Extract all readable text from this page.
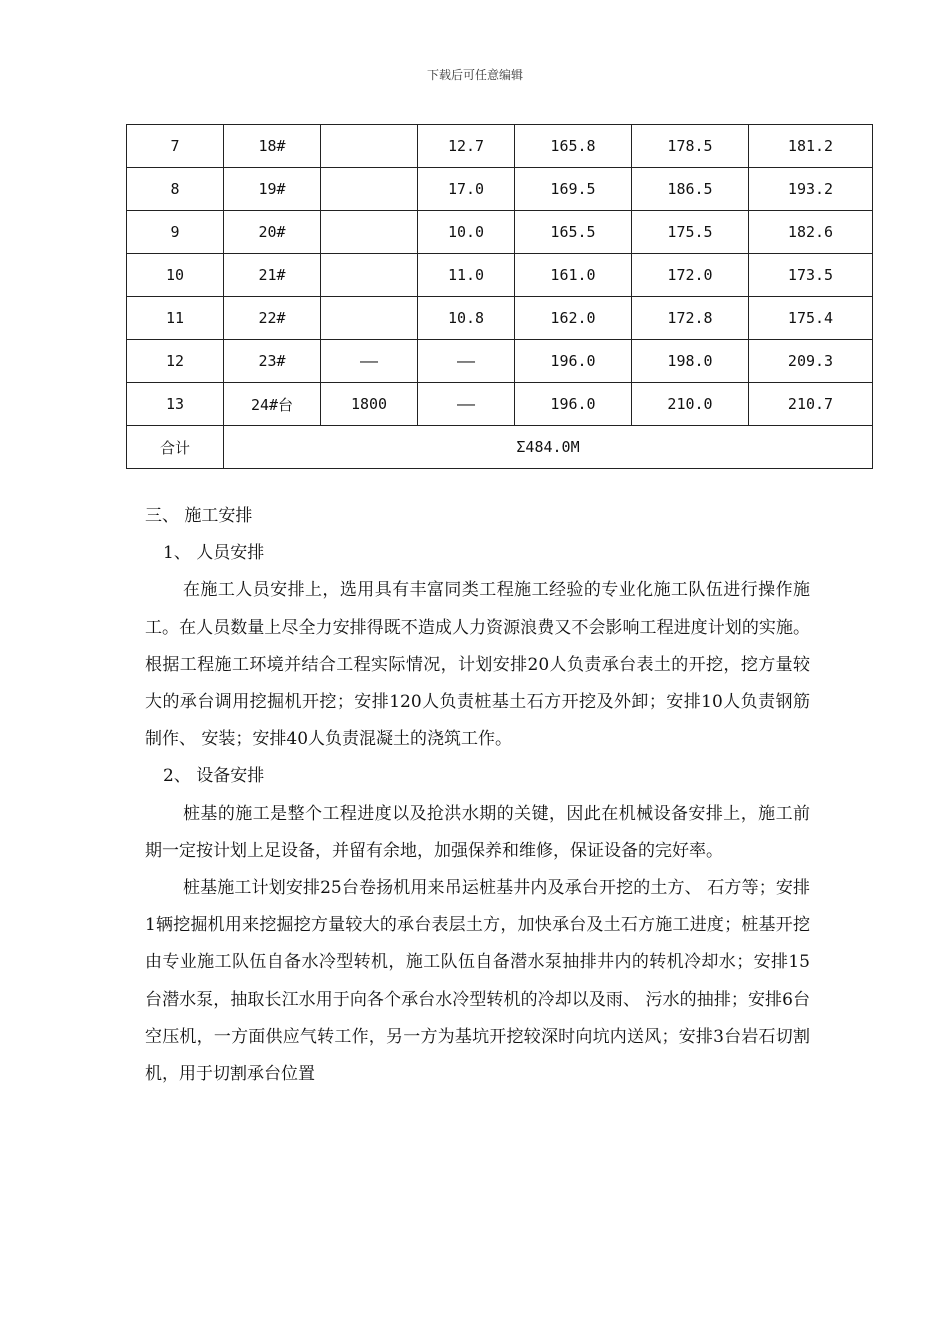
下载后可任意编辑
7	18#		12.7	165.8	178.5	181.2
8	19#		17.0	169.5	186.5	193.2
9	20#		10.0	165.5	175.5	182.6
10	21#		11.0	161.0	172.0	173.5
11	22#		10.8	162.0	172.8	175.4
12	23#	——	——	196.0	198.0	209.3
13	24#台	1800	——	196.0	210.0	210.7
合计	Σ484.0M					

三、 施工安排

1、 人员安排

在施工人员安排上，选用具有丰富同类工程施工经验的专业化施工队伍进行操作施工。在人员数量上尽全力安排得既不造成人力资源浪费又不会影响工程进度计划的实施。根据工程施工环境并结合工程实际情况，计划安排20人负责承台表土的开挖，挖方量较大的承台调用挖掘机开挖；安排120人负责桩基土石方开挖及外卸；安排10人负责钢筋制作、 安装；安排40人负责混凝土的浇筑工作。

2、 设备安排

桩基的施工是整个工程进度以及抢洪水期的关键，因此在机械设备安排上，施工前期一定按计划上足设备，并留有余地，加强保养和维修，保证设备的完好率。

桩基施工计划安排25台卷扬机用来吊运桩基井内及承台开挖的土方、 石方等；安排1辆挖掘机用来挖掘挖方量较大的承台表层土方，加快承台及土石方施工进度；桩基开挖由专业施工队伍自备水冷型转机，施工队伍自备潜水泵抽排井内的转机冷却水；安排15台潜水泵，抽取长江水用于向各个承台水冷型转机的冷却以及雨、 污水的抽排；安排6台空压机，一方面供应气转工作，另一方为基坑开挖较深时向坑内送风；安排3台岩石切割机，用于切割承台位置
